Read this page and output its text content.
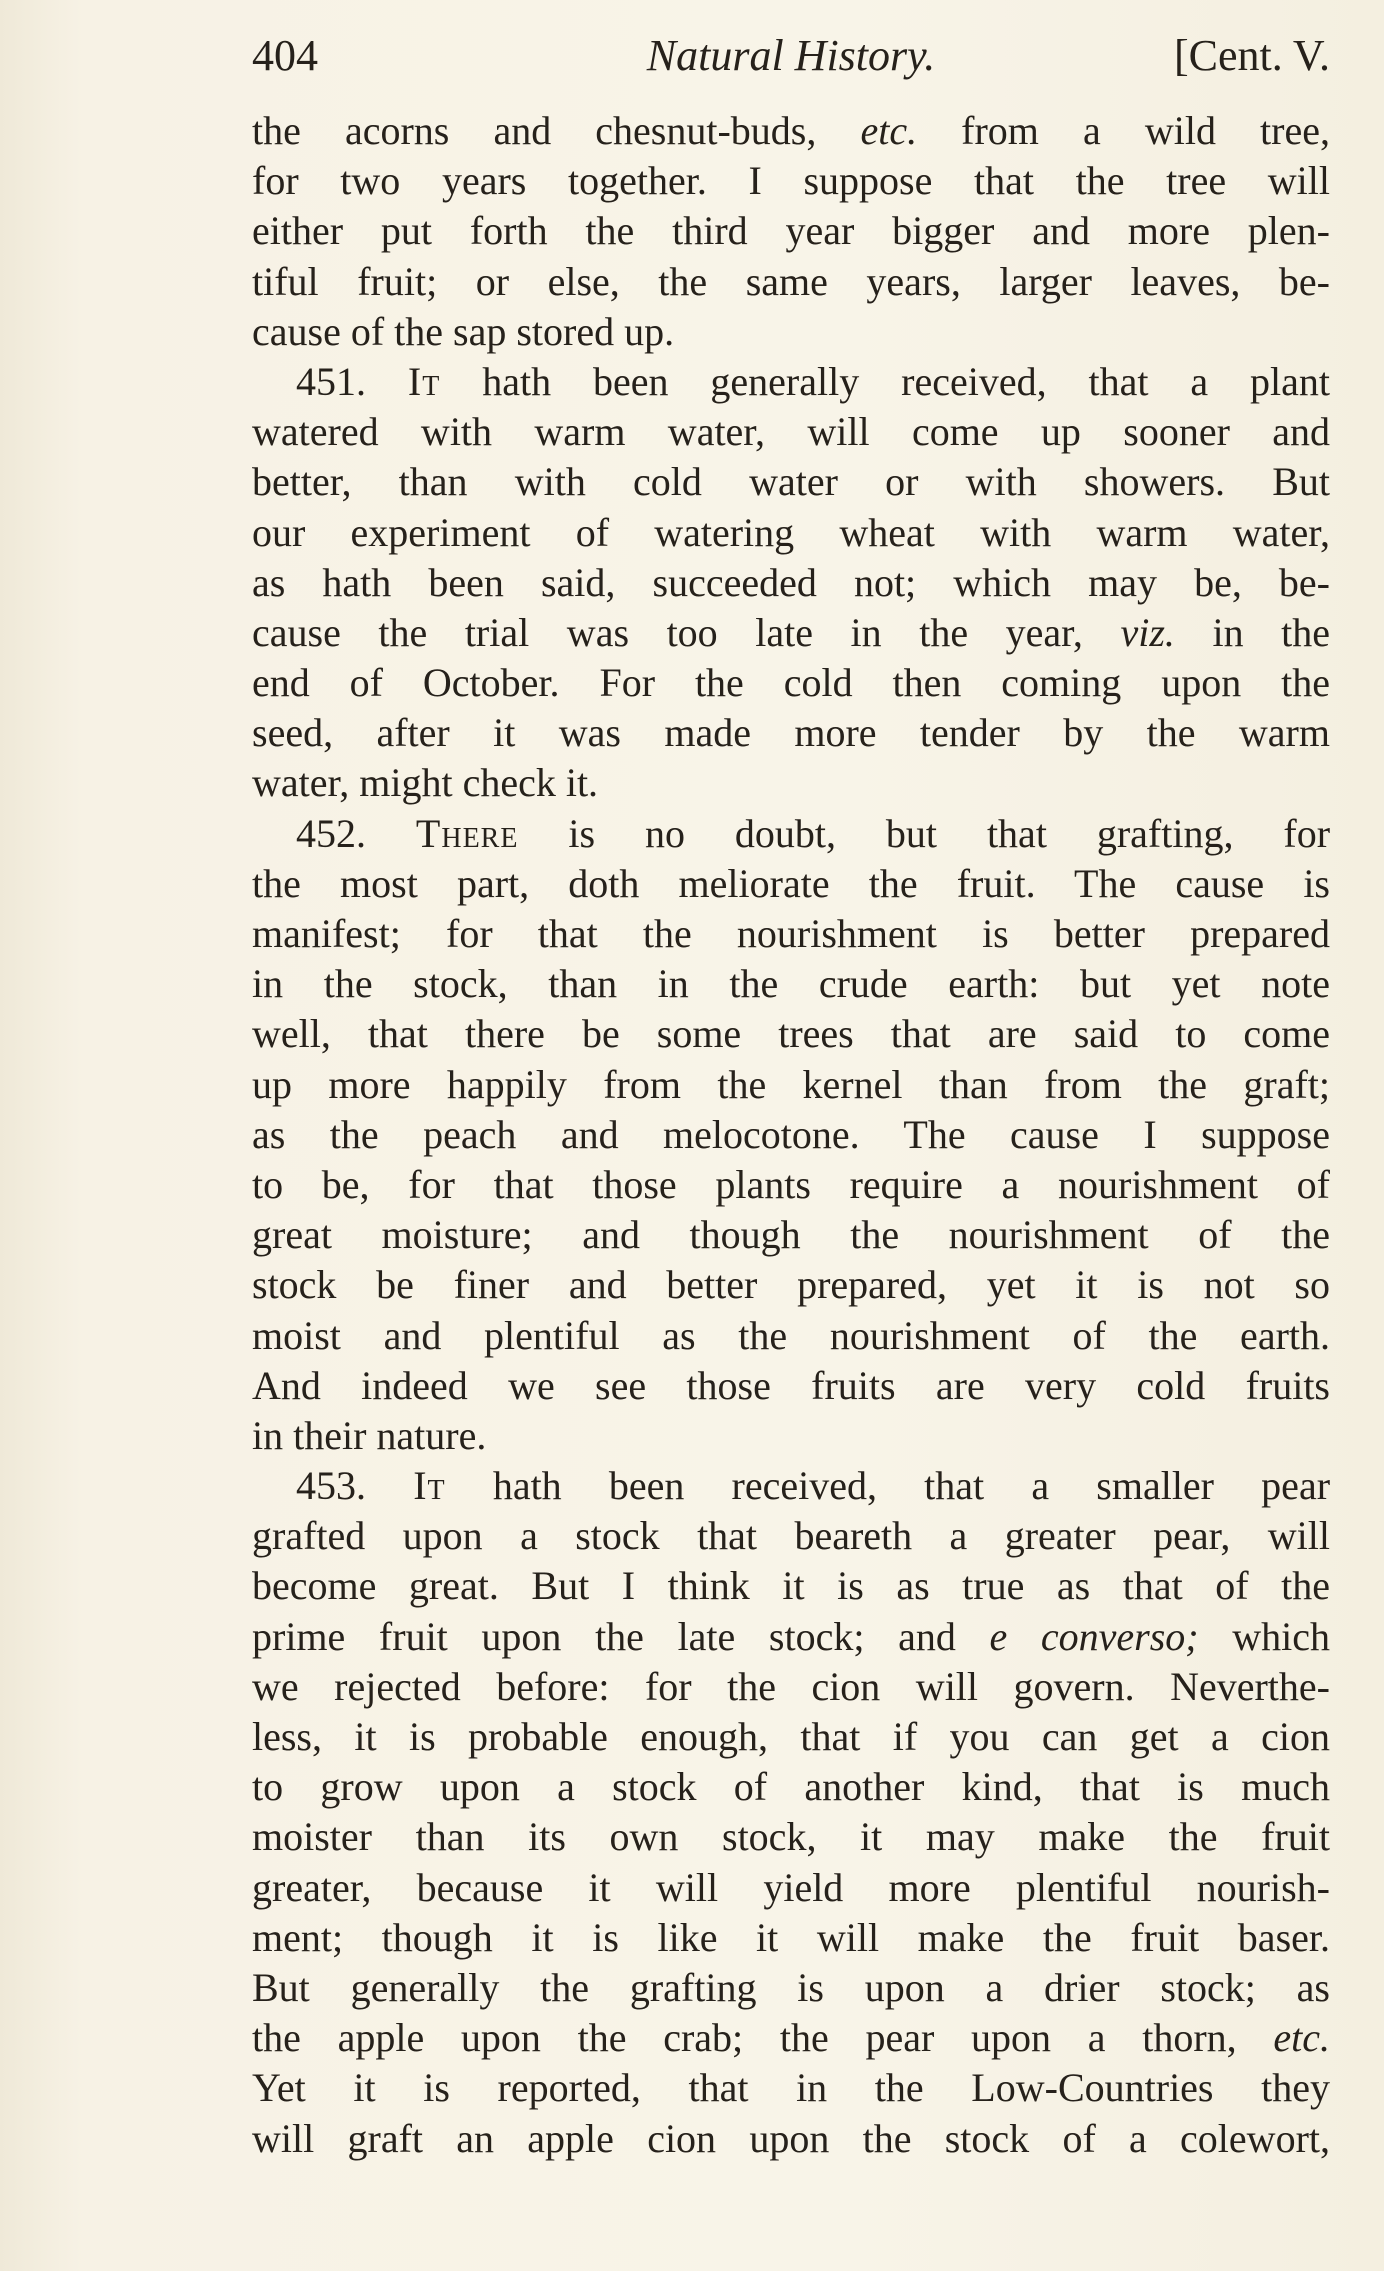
404	Natural History.	[Cent. V.
the acorns and chesnut-buds, etc. from a wild tree,
for two years together. I suppose that the tree will
either put forth the third year bigger and more plen-
tiful fruit; or else, the same years, larger leaves, be-
cause of the sap stored up.
451. It hath been generally received, that a plant
watered with warm water, will come up sooner and
better, than with cold water or with showers. But
our experiment of watering wheat with warm water,
as hath been said, succeeded not; which may be, be-
cause the trial was too late in the year, viz. in the
end of October. For the cold then coming upon the
seed, after it was made more tender by the warm
water, might check it.
452. There is no doubt, but that grafting, for
the most part, doth meliorate the fruit. The cause is
manifest; for that the nourishment is better prepared
in the stock, than in the crude earth: but yet note
well, that there be some trees that are said to come
up more happily from the kernel than from the graft;
as the peach and melocotone. The cause I suppose
to be, for that those plants require a nourishment of
great moisture; and though the nourishment of the
stock be finer and better prepared, yet it is not so
moist and plentiful as the nourishment of the earth.
And indeed we see those fruits are very cold fruits
in their nature.
453. It hath been received, that a smaller pear
grafted upon a stock that beareth a greater pear, will
become great. But I think it is as true as that of the
prime fruit upon the late stock; and e converso; which
we rejected before: for the cion will govern. Neverthe-
less, it is probable enough, that if you can get a cion
to grow upon a stock of another kind, that is much
moister than its own stock, it may make the fruit
greater, because it will yield more plentiful nourish-
ment; though it is like it will make the fruit baser.
But generally the grafting is upon a drier stock; as
the apple upon the crab; the pear upon a thorn, etc.
Yet it is reported, that in the Low-Countries they
will graft an apple cion upon the stock of a colewort,
